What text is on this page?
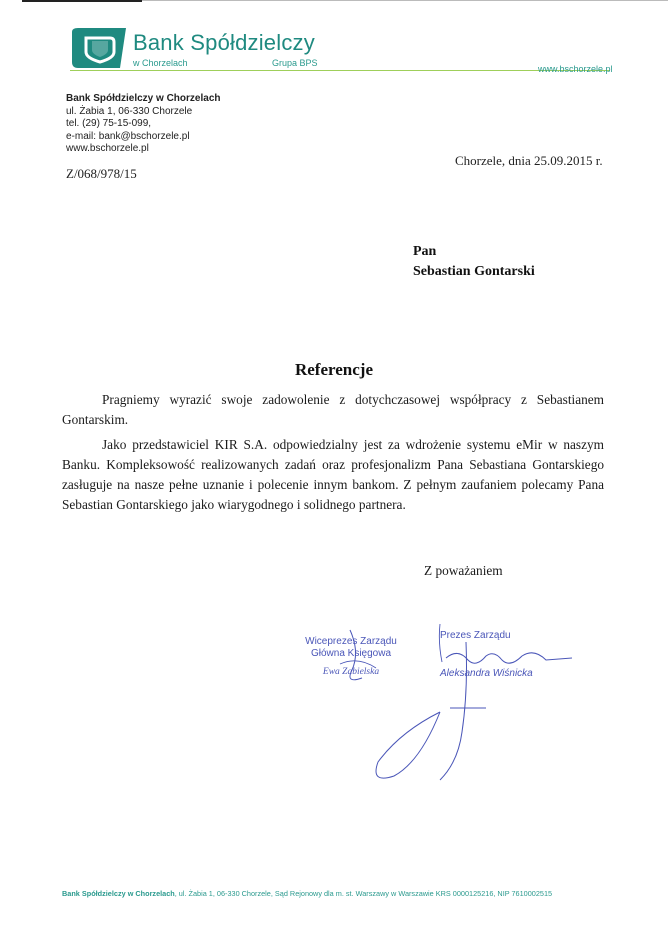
Bank Spółdzielczy
w Chorzelach	Grupa BPS
www.bschorzele.pl
Bank Spółdzielczy w Chorzelach
ul. Żabia 1, 06-330 Chorzele
tel. (29) 75-15-099,
e-mail: bank@bschorzele.pl
www.bschorzele.pl
Chorzele, dnia 25.09.2015 r.
Z/068/978/15
Pan
Sebastian Gontarski
Referencje
Pragniemy wyrazić swoje zadowolenie z dotychczasowej współpracy z Sebastianem Gontarskim.
Jako przedstawiciel KIR S.A. odpowiedzialny jest za wdrożenie systemu eMir w naszym Banku. Kompleksowość realizowanych zadań oraz profesjonalizm Pana Sebastiana Gontarskiego zasługuje na nasze pełne uznanie i polecenie innym bankom. Z pełnym zaufaniem polecamy Pana Sebastian Gontarskiego jako wiarygodnego i solidnego partnera.
Z poważaniem
Wiceprezes Zarządu
Główna Księgowa
Ewa Zabielska
Prezes Zarządu
Aleksandra Wiśnicka
Bank Spółdzielczy w Chorzelach, ul. Żabia 1, 06-330 Chorzele, Sąd Rejonowy dla m. st. Warszawy w Warszawie KRS 0000125216, NIP 7610002515
